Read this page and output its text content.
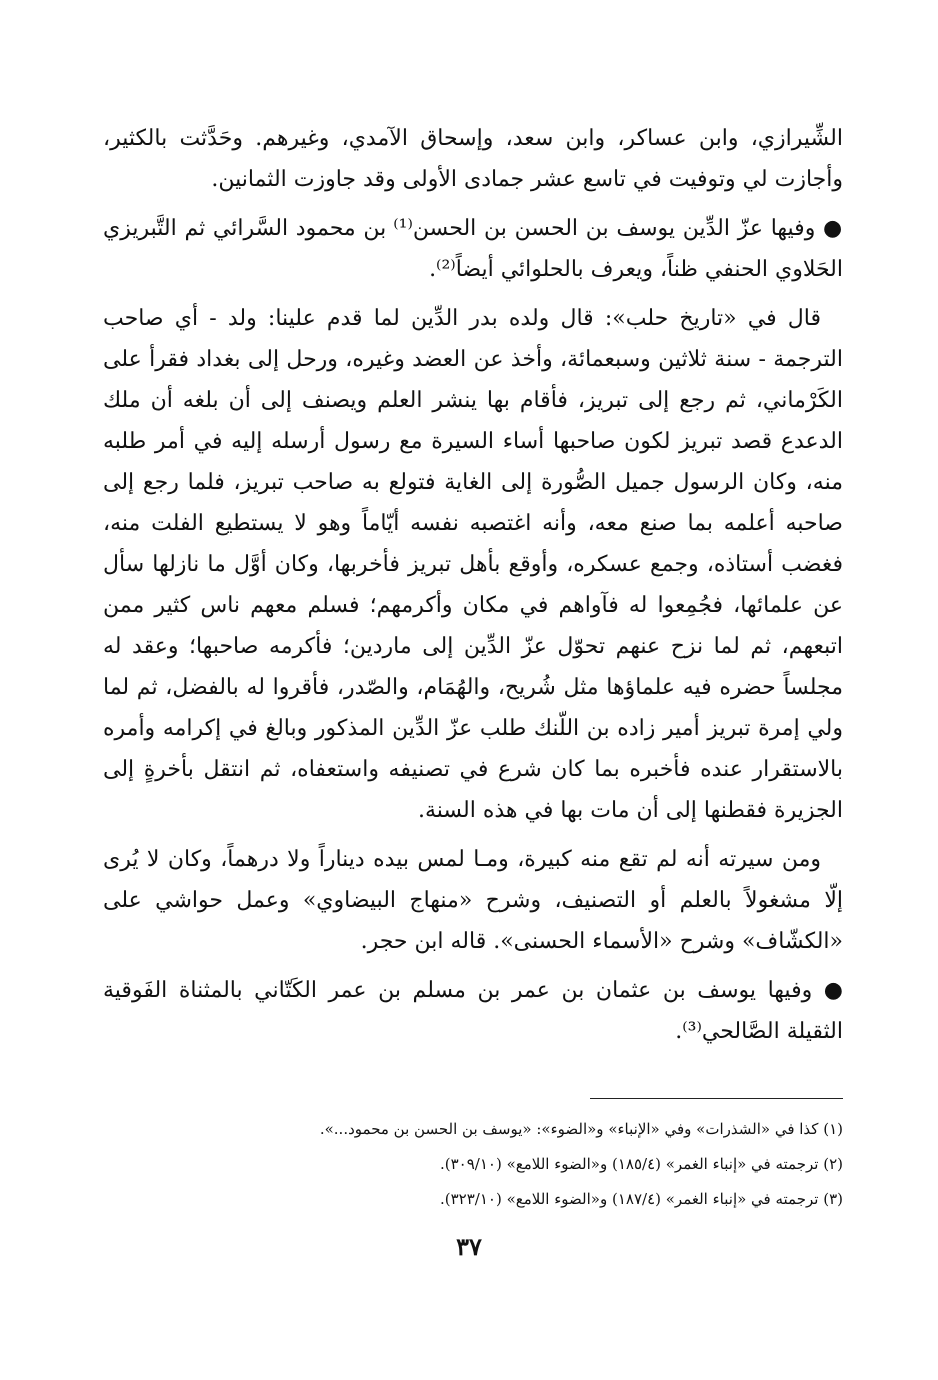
الشِّيرازي، وابن عساكر، وابن سعد، وإسحاق الآمدي، وغيرهم. وحَدَّثت بالكثير، وأجازت لي وتوفيت في تاسع عشر جمادى الأولى وقد جاوزت الثمانين.

● وفيها عزّ الدِّين يوسف بن الحسن بن الحسن⁽¹⁾ بن محمود السَّرائي ثم التَّبريزي الحَلاوي الحنفي ظناً، ويعرف بالحلوائي أيضاً⁽²⁾.

قال في «تاريخ حلب»: قال ولده بدر الدِّين لما قدم علينا: ولد - أي صاحب الترجمة - سنة ثلاثين وسبعمائة، وأخذ عن العضد وغيره، ورحل إلى بغداد فقرأ على الكَرْماني، ثم رجع إلى تبريز، فأقام بها ينشر العلم ويصنف إلى أن بلغه أن ملك الدعدع قصد تبريز لكون صاحبها أساء السيرة مع رسول أرسله إليه في أمر طلبه منه، وكان الرسول جميل الصُّورة إلى الغاية فتولع به صاحب تبريز، فلما رجع إلى صاحبه أعلمه بما صنع معه، وأنه اغتصبه نفسه أيّاماً وهو لا يستطيع الفلت منه، فغضب أستاذه، وجمع عسكره، وأوقع بأهل تبريز فأخربها، وكان أوَّل ما نازلها سأل عن علمائها، فجُمِعوا له فآواهم في مكان وأكرمهم؛ فسلم معهم ناس كثير ممن اتبعهم، ثم لما نزح عنهم تحوّل عزّ الدِّين إلى ماردين؛ فأكرمه صاحبها؛ وعقد له مجلساً حضره فيه علماؤها مثل شُريح، والهُمَام، والصّدر، فأقروا له بالفضل، ثم لما ولي إمرة تبريز أمير زاده بن اللّنك طلب عزّ الدِّين المذكور وبالغ في إكرامه وأمره بالاستقرار عنده فأخبره بما كان شرع في تصنيفه واستعفاه، ثم انتقل بأخرةٍ إلى الجزيرة فقطنها إلى أن مات بها في هذه السنة.

ومن سيرته أنه لم تقع منه كبيرة، ومـا لمس بيده ديناراً ولا درهماً، وكان لا يُرى إلّا مشغولاً بالعلم أو التصنيف، وشرح «منهاج البيضاوي» وعمل حواشي على «الكشّاف» وشرح «الأسماء الحسنى». قاله ابن حجر.

● وفيها يوسف بن عثمان بن عمر بن مسلم بن عمر الكَتّاني بالمثناة الفَوقية الثقيلة الصَّالحي⁽³⁾.

(١) كذا في «الشذرات» وفي «الإنباء» و«الضوء»: «يوسف بن الحسن بن محمود...».
(٢) ترجمته في «إنباء الغمر» (١٨٥/٤) و«الضوء اللامع» (٣٠٩/١٠).
(٣) ترجمته في «إنباء الغمر» (١٨٧/٤) و«الضوء اللامع» (٣٢٣/١٠).
٣٧
